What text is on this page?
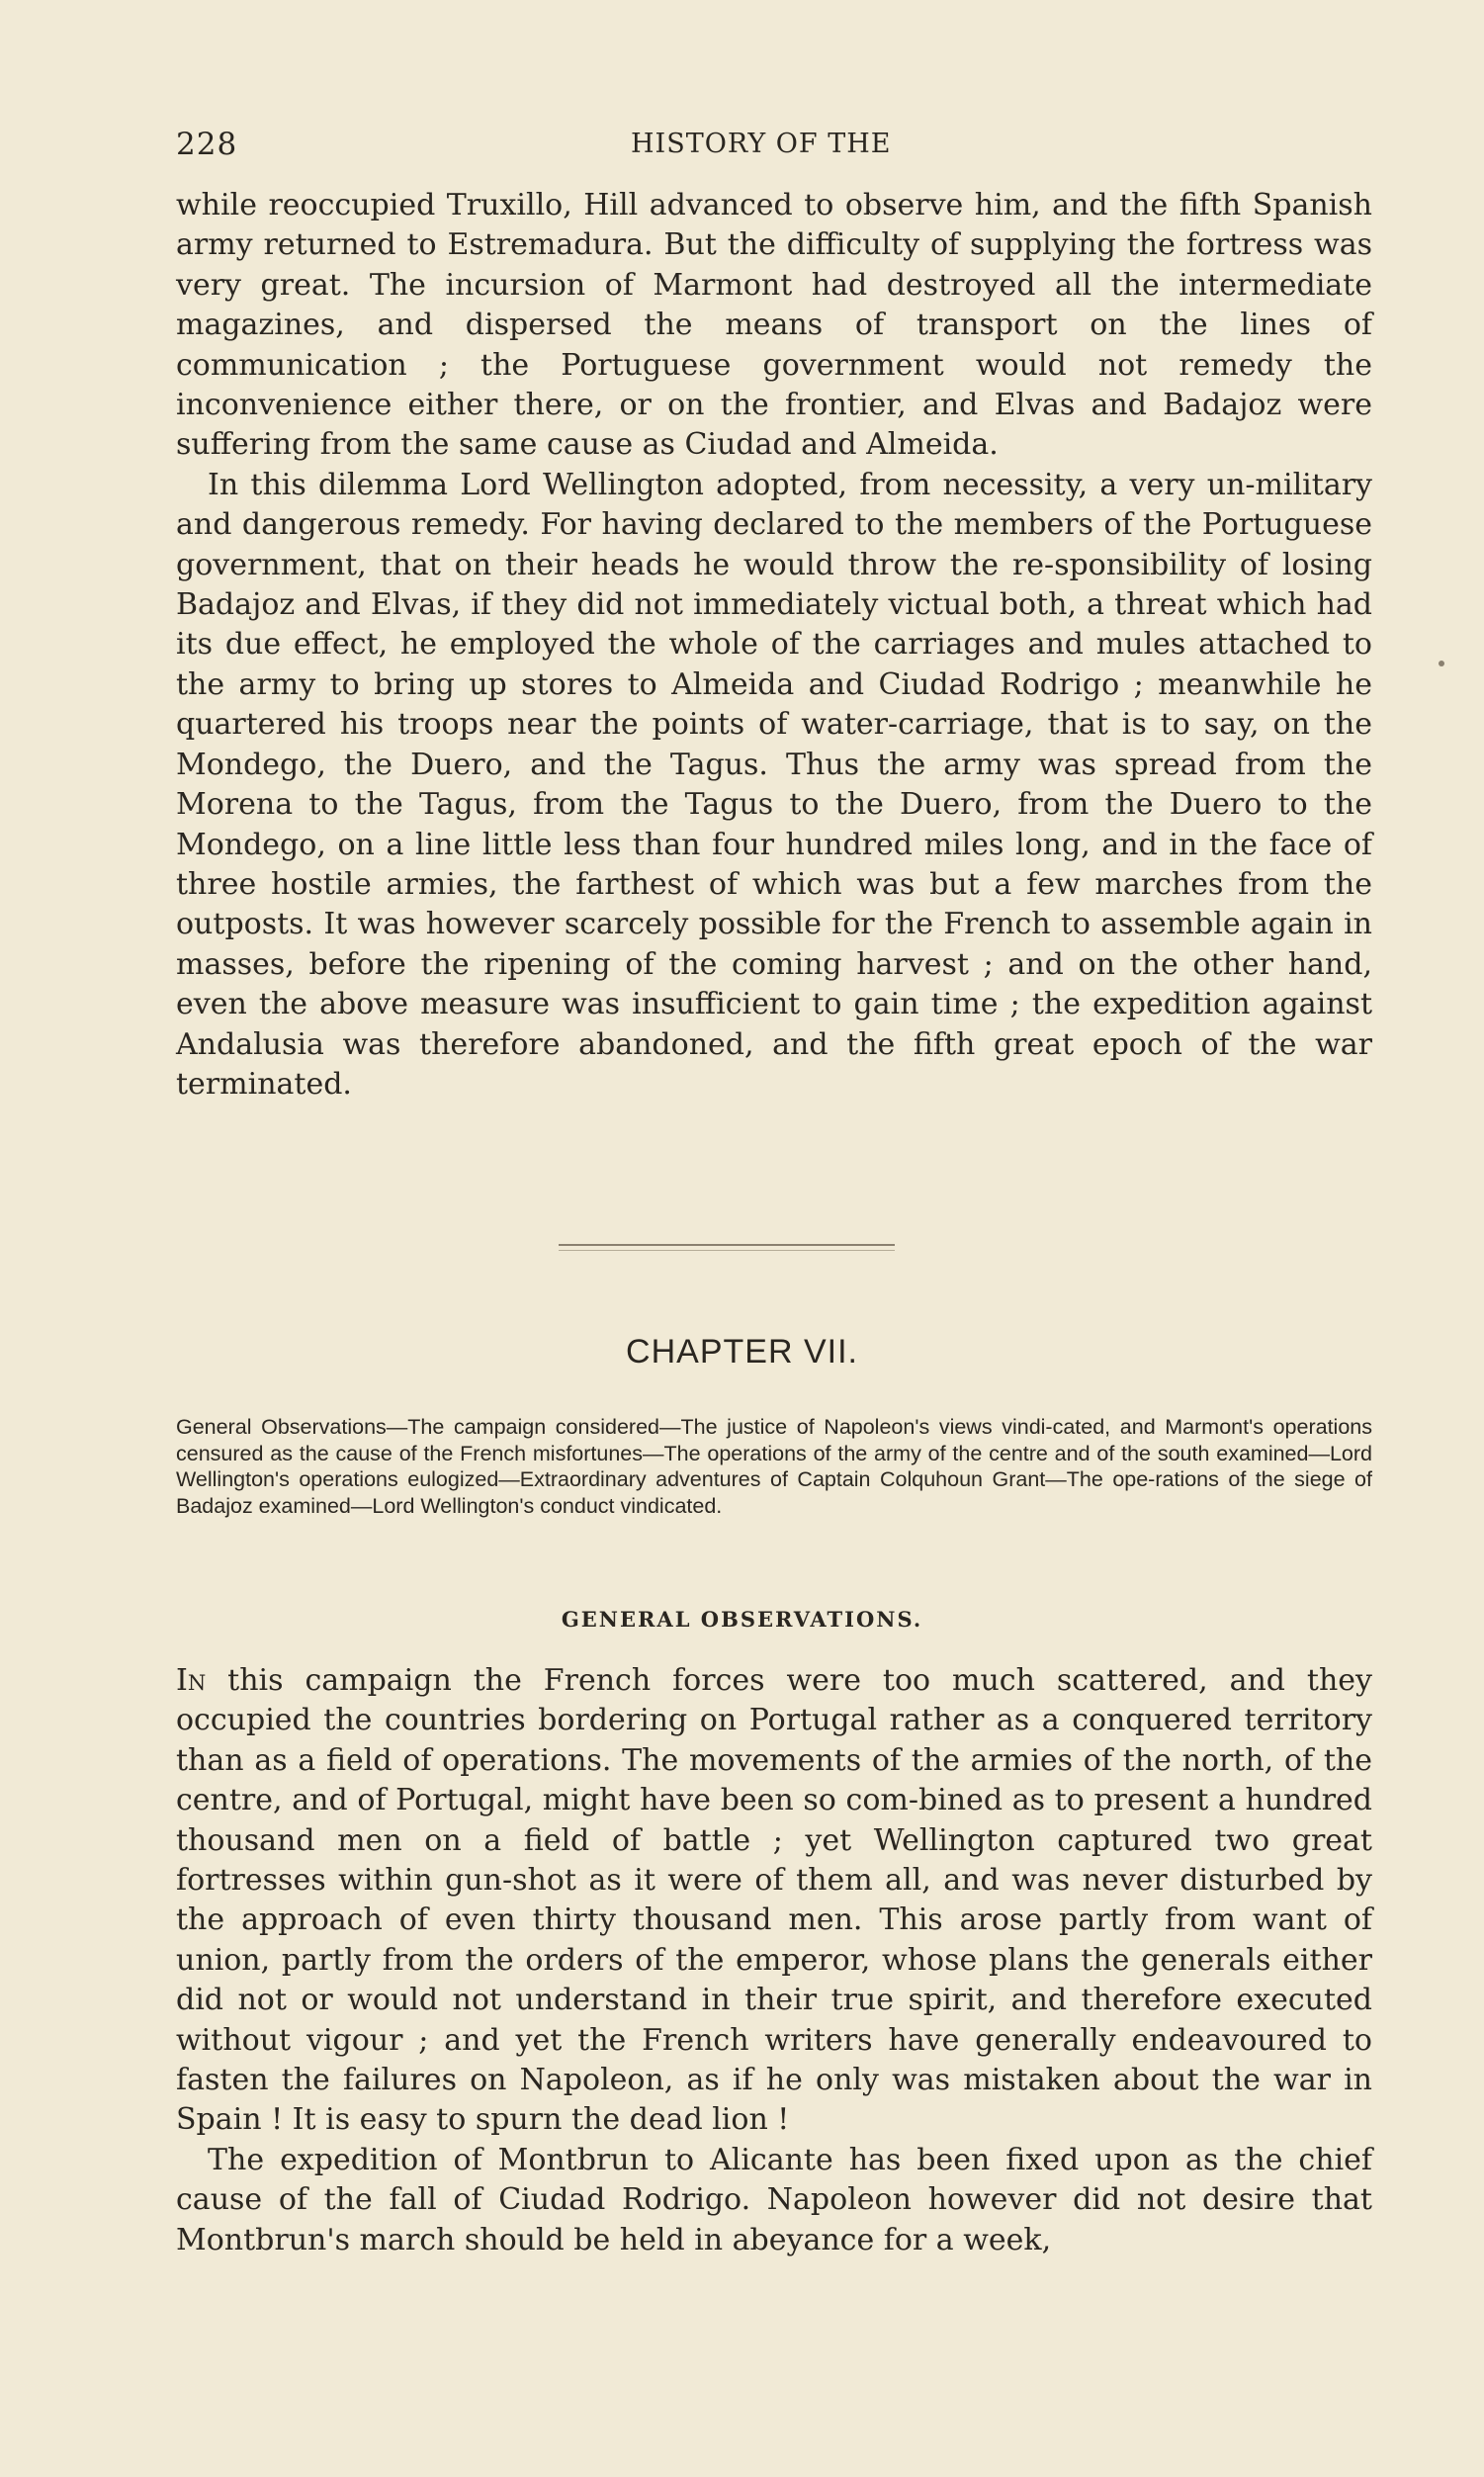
228	HISTORY OF THE

while reoccupied Truxillo, Hill advanced to observe him, and the fifth Spanish army returned to Estremadura. But the difficulty of supplying the fortress was very great. The incursion of Marmont had destroyed all the intermediate magazines, and dispersed the means of transport on the lines of communication ; the Portuguese government would not remedy the inconvenience either there, or on the frontier, and Elvas and Badajoz were suffering from the same cause as Ciudad and Almeida.

In this dilemma Lord Wellington adopted, from necessity, a very un-military and dangerous remedy. For having declared to the members of the Portuguese government, that on their heads he would throw the re-sponsibility of losing Badajoz and Elvas, if they did not immediately victual both, a threat which had its due effect, he employed the whole of the carriages and mules attached to the army to bring up stores to Almeida and Ciudad Rodrigo ; meanwhile he quartered his troops near the points of water-carriage, that is to say, on the Mondego, the Duero, and the Tagus. Thus the army was spread from the Morena to the Tagus, from the Tagus to the Duero, from the Duero to the Mondego, on a line little less than four hundred miles long, and in the face of three hostile armies, the farthest of which was but a few marches from the outposts. It was however scarcely possible for the French to assemble again in masses, before the ripening of the coming harvest ; and on the other hand, even the above measure was insufficient to gain time ; the expedition against Andalusia was therefore abandoned, and the fifth great epoch of the war terminated.

CHAPTER VII.
General Observations—The campaign considered—The justice of Napoleon's views vindi-cated, and Marmont's operations censured as the cause of the French misfortunes—The operations of the army of the centre and of the south examined—Lord Wellington's operations eulogized—Extraordinary adventures of Captain Colquhoun Grant—The ope-rations of the siege of Badajoz examined—Lord Wellington's conduct vindicated.
GENERAL OBSERVATIONS.

In this campaign the French forces were too much scattered, and they occupied the countries bordering on Portugal rather as a conquered territory than as a field of operations. The movements of the armies of the north, of the centre, and of Portugal, might have been so com-bined as to present a hundred thousand men on a field of battle ; yet Wellington captured two great fortresses within gun-shot as it were of them all, and was never disturbed by the approach of even thirty thousand men. This arose partly from want of union, partly from the orders of the emperor, whose plans the generals either did not or would not understand in their true spirit, and therefore executed without vigour ; and yet the French writers have generally endeavoured to fasten the failures on Napoleon, as if he only was mistaken about the war in Spain ! It is easy to spurn the dead lion !

The expedition of Montbrun to Alicante has been fixed upon as the chief cause of the fall of Ciudad Rodrigo. Napoleon however did not desire that Montbrun's march should be held in abeyance for a week,
